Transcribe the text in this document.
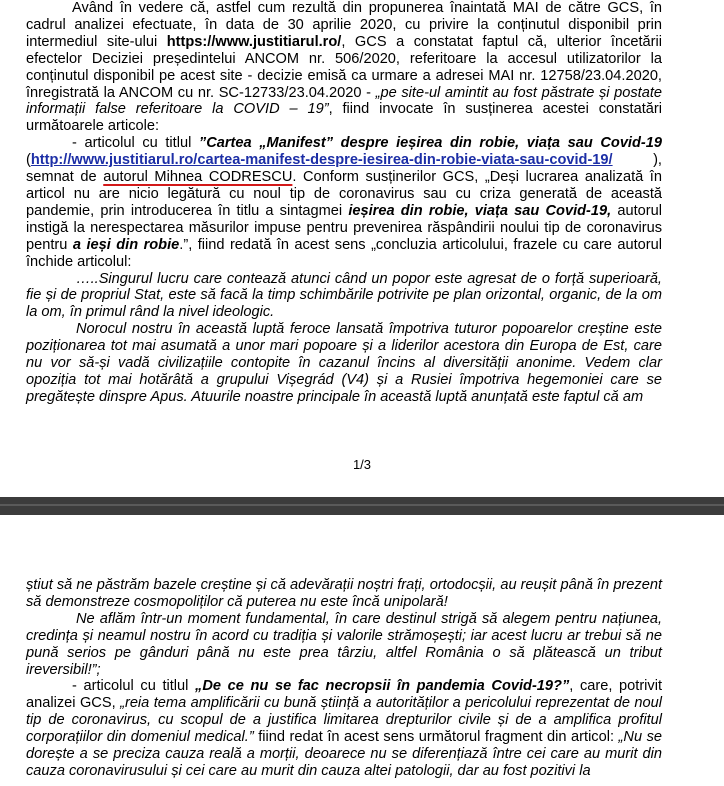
Având în vedere că, astfel cum rezultă din propunerea înaintată MAI de către GCS, în cadrul analizei efectuate, în data de 30 aprilie 2020, cu privire la conținutul disponibil prin intermediul site-ului https://www.justitiarul.ro/, GCS a constatat faptul că, ulterior încetării efectelor Deciziei președintelui ANCOM nr. 506/2020, referitoare la accesul utilizatorilor la conținutul disponibil pe acest site - decizie emisă ca urmare a adresei MAI nr. 12758/23.04.2020, înregistrată la ANCOM cu nr. SC-12733/23.04.2020 - „pe site-ul amintit au fost păstrate și postate informații false referitoare la COVID – 19”, fiind invocate în susținerea acestei constatări următoarele articole:

- articolul cu titlul ”Cartea „Manifest” despre ieșirea din robie, viața sau Covid-19 (http://www.justitiarul.ro/cartea-manifest-despre-iesirea-din-robie-viata-sau-covid-19/ ), semnat de autorul Mihnea CODRESCU. Conform susținerilor GCS, „Deși lucrarea analizată în articol nu are nicio legătură cu noul tip de coronavirus sau cu criza generată de această pandemie, prin introducerea în titlu a sintagmei ieșirea din robie, viața sau Covid-19, autorul instigă la nerespectarea măsurilor impuse pentru prevenirea răspândirii noului tip de coronavirus pentru a ieși din robie.”, fiind redată în acest sens „concluzia articolului, frazele cu care autorul închide articolul:

…..Singurul lucru care contează atunci când un popor este agresat de o forță superioară, fie și de propriul Stat, este să facă la timp schimbările potrivite pe plan orizontal, organic, de la om la om, în primul rând la nivel ideologic.

Norocul nostru în această luptă feroce lansată împotriva tuturor popoarelor creștine este poziționarea tot mai asumată a unor mari popoare și a liderilor acestora din Europa de Est, care nu vor să-și vadă civilizațiile contopite în cazanul încins al diversității anonime. Vedem clar opoziția tot mai hotărâtă a grupului Vișegrád (V4) și a Rusiei împotriva hegemoniei care se pregătește dinspre Apus. Atuurile noastre principale în această luptă anunțată este faptul că am

1/3

știut să ne păstrăm bazele creștine și că adevărații noștri frați, ortodocșii, au reușit până în prezent să demonstreze cosmopoliților că puterea nu este încă unipolară!

Ne aflăm într-un moment fundamental, în care destinul strigă să alegem pentru națiunea, credința și neamul nostru în acord cu tradiția și valorile strămoșești; iar acest lucru ar trebui să ne pună serios pe gânduri până nu este prea târziu, altfel România o să plătească un tribut ireversibil!”;

- articolul cu titlul „De ce nu se fac necropsii în pandemia Covid-19?”, care, potrivit analizei GCS, „reia tema amplificării cu bună știință a autorităților a pericolului reprezentat de noul tip de coronavirus, cu scopul de a justifica limitarea drepturilor civile și de a amplifica profitul corporațiilor din domeniul medical.” fiind redat în acest sens următorul fragment din articol: „Nu se dorește a se preciza cauza reală a morții, deoarece nu se diferențiază între cei care au murit din cauza coronavirusului și cei care au murit din cauza altei patologii, dar au fost pozitivi la
